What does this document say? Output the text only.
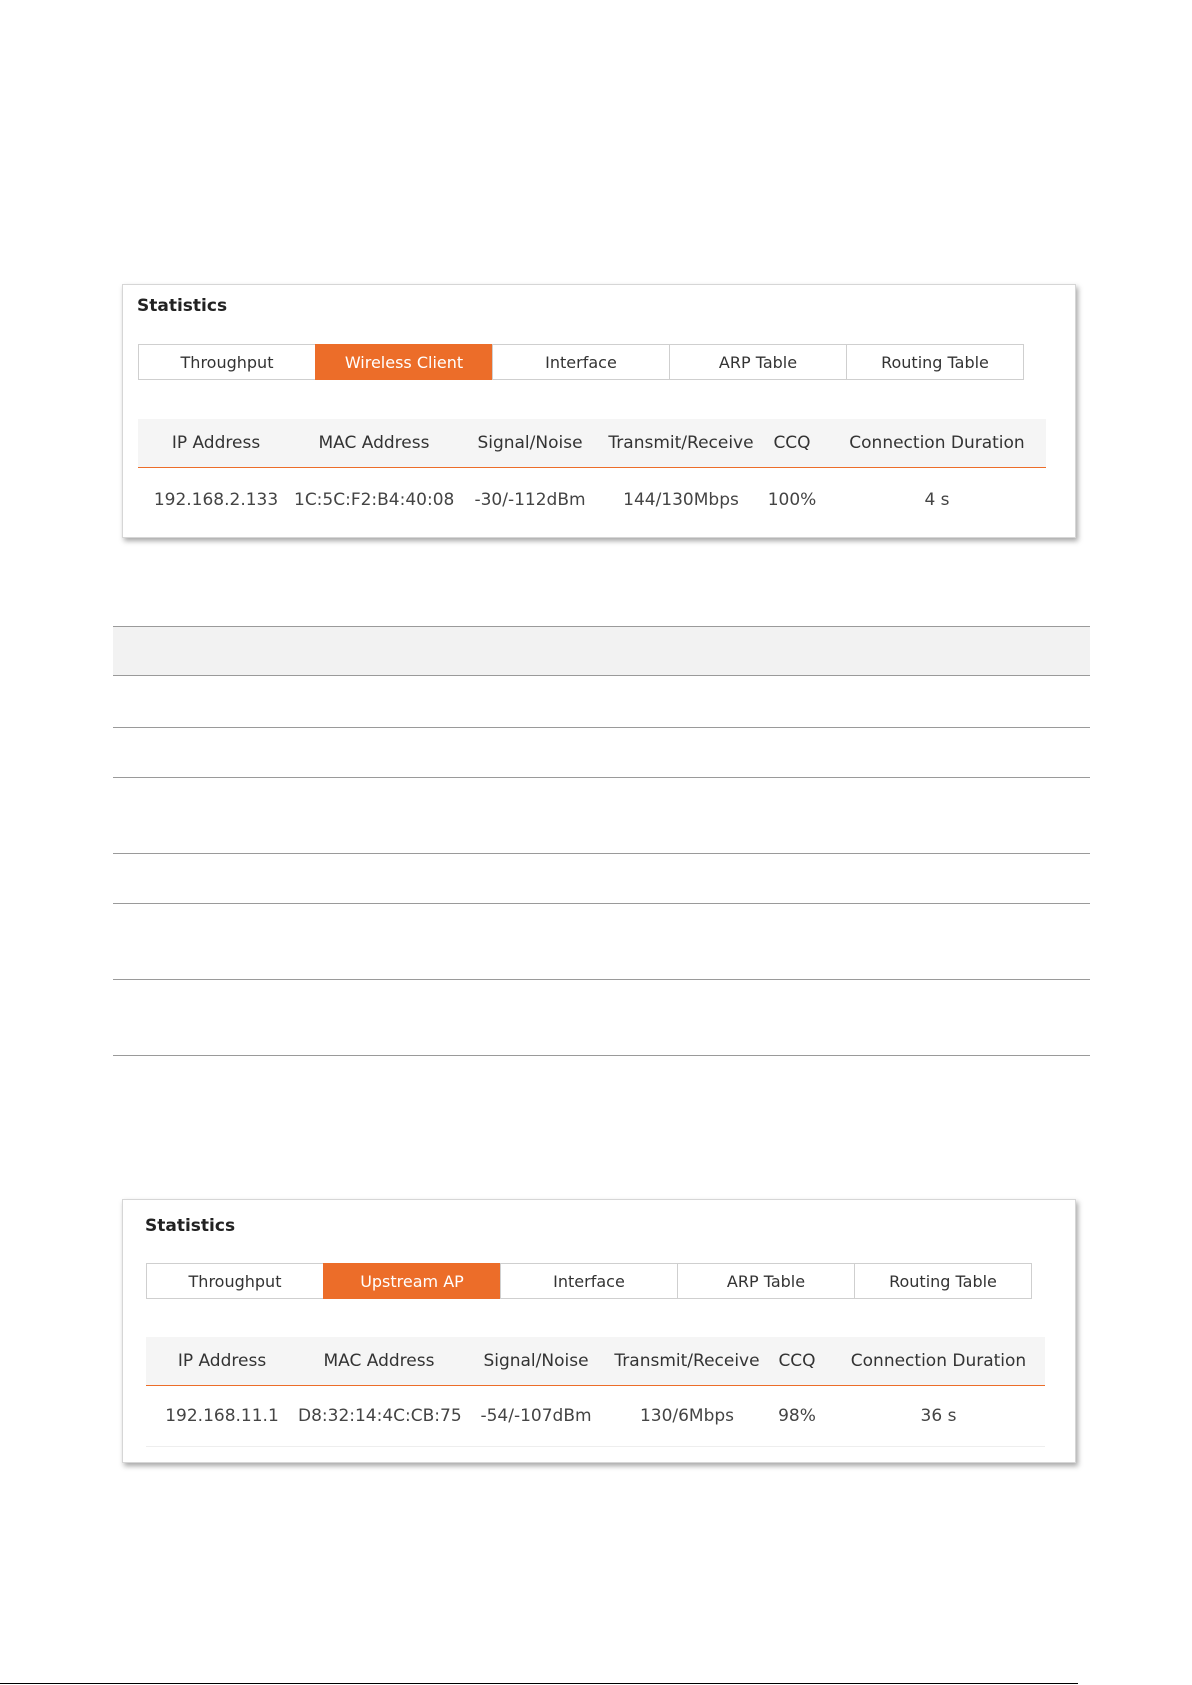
Statistics
Throughput	Wireless Client	Interface	ARP Table	Routing Table
IP Address	MAC Address	Signal/Noise	Transmit/Receive	CCQ	Connection Duration
192.168.2.133	1C:5C:F2:B4:40:08	-30/-112dBm	144/130Mbps	100%	4 s
Statistics
Throughput	Upstream AP	Interface	ARP Table	Routing Table
IP Address	MAC Address	Signal/Noise	Transmit/Receive	CCQ	Connection Duration
192.168.11.1	D8:32:14:4C:CB:75	-54/-107dBm	130/6Mbps	98%	36 s
